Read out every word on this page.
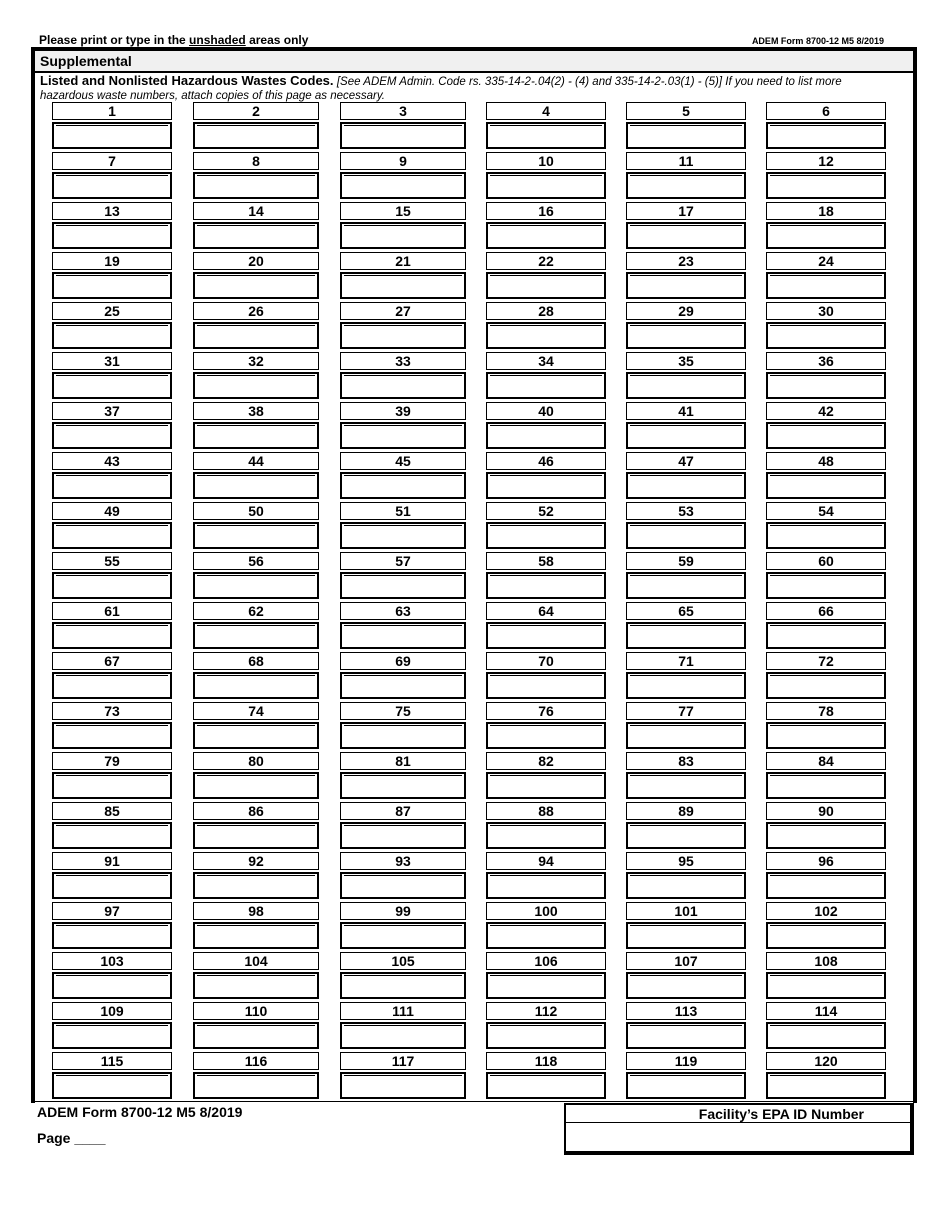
Please print or type in the unshaded areas only	ADEM Form 8700-12 M5 8/2019
Supplemental
Listed and Nonlisted Hazardous Wastes Codes. [See ADEM Admin. Code rs. 335-14-2-.04(2) - (4) and 335-14-2-.03(1) - (5)] If you need to list more hazardous waste numbers, attach copies of this page as necessary.
1	2	3	4	5	6
7	8	9	10	11	12
13	14	15	16	17	18
19	20	21	22	23	24
25	26	27	28	29	30
31	32	33	34	35	36
37	38	39	40	41	42
43	44	45	46	47	48
49	50	51	52	53	54
55	56	57	58	59	60
61	62	63	64	65	66
67	68	69	70	71	72
73	74	75	76	77	78
79	80	81	82	83	84
85	86	87	88	89	90
91	92	93	94	95	96
97	98	99	100	101	102
103	104	105	106	107	108
109	110	111	112	113	114
115	116	117	118	119	120
ADEM Form 8700-12 M5 8/2019
Page ____
Facility’s EPA ID Number
